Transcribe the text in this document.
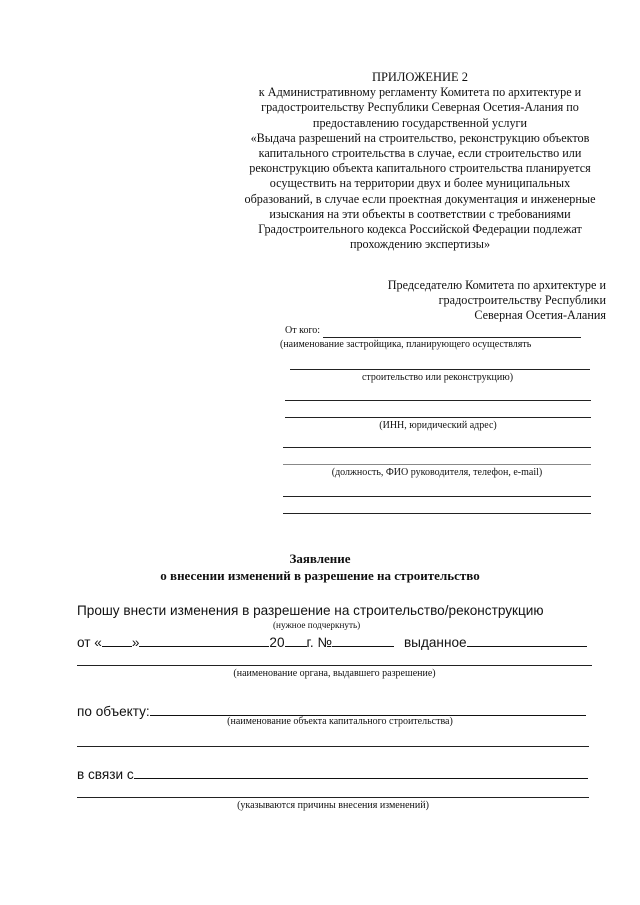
ПРИЛОЖЕНИЕ 2
к Административному регламенту Комитета по архитектуре и
градостроительству Республики Северная Осетия-Алания по
предоставлению государственной услуги
«Выдача разрешений на строительство, реконструкцию объектов
капитального строительства в случае, если строительство или
реконструкцию объекта капитального строительства планируется
осуществить на территории двух и более муниципальных
образований, в случае если проектная документация и инженерные
изыскания на эти объекты в соответствии с требованиями
Градостроительного кодекса Российской Федерации подлежат
прохождению экспертизы»
Председателю Комитета по архитектуре и
градостроительству Республики
Северная Осетия-Алания
От кого:
(наименование застройщика, планирующего осуществлять
строительство или реконструкцию)
(ИНН, юридический адрес)
(должность, ФИО руководителя, телефон, e-mail)
Заявление
о внесении изменений в разрешение на строительство
Прошу внести изменения в разрешение на строительство/реконструкцию
(нужное подчеркнуть)
от « »	20 г. №	выданное
(наименование органа, выдавшего разрешение)
по объекту:
(наименование объекта капитального строительства)
в связи с
(указываются причины внесения изменений)
